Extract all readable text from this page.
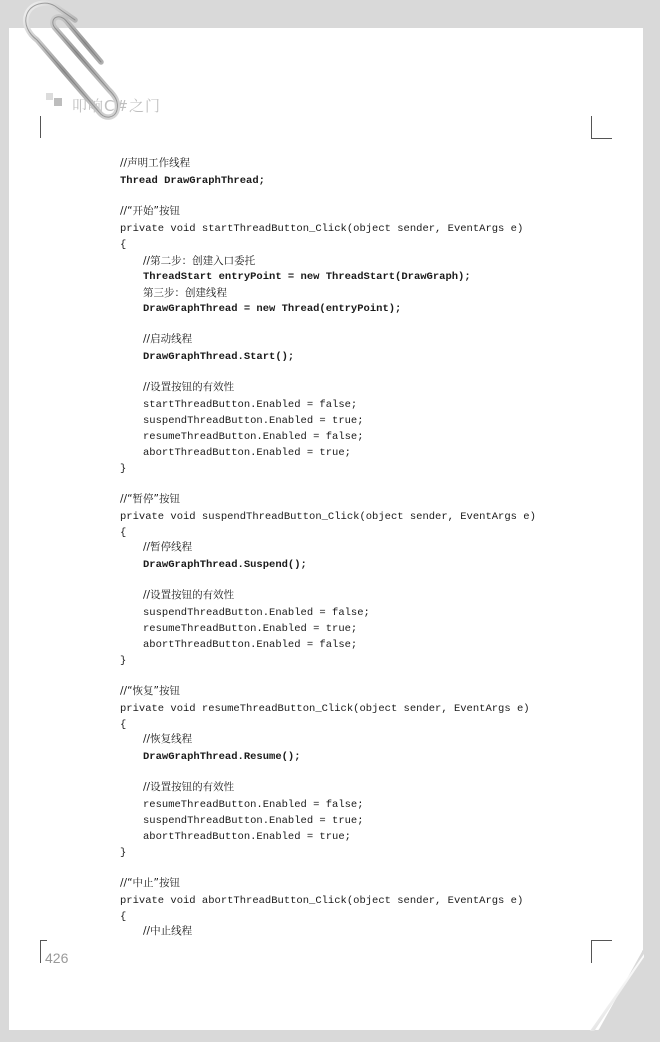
叩响C#之门
//声明工作线程
Thread DrawGraphThread;
//“开始”按钮
private void startThreadButton_Click(object sender, EventArgs e)
{
//第二步：创建入口委托
ThreadStart entryPoint = new ThreadStart(DrawGraph);
第三步：创建线程
DrawGraphThread = new Thread(entryPoint);
//启动线程
DrawGraphThread.Start();
//设置按钮的有效性
startThreadButton.Enabled = false;
suspendThreadButton.Enabled = true;
resumeThreadButton.Enabled = false;
abortThreadButton.Enabled = true;
}
//“暂停”按钮
private void suspendThreadButton_Click(object sender, EventArgs e)
{
//暂停线程
DrawGraphThread.Suspend();
//设置按钮的有效性
suspendThreadButton.Enabled = false;
resumeThreadButton.Enabled = true;
abortThreadButton.Enabled = false;
}
//“恢复”按钮
private void resumeThreadButton_Click(object sender, EventArgs e)
{
//恢复线程
DrawGraphThread.Resume();
//设置按钮的有效性
resumeThreadButton.Enabled = false;
suspendThreadButton.Enabled = true;
abortThreadButton.Enabled = true;
}
//“中止”按钮
private void abortThreadButton_Click(object sender, EventArgs e)
{
//中止线程
426
